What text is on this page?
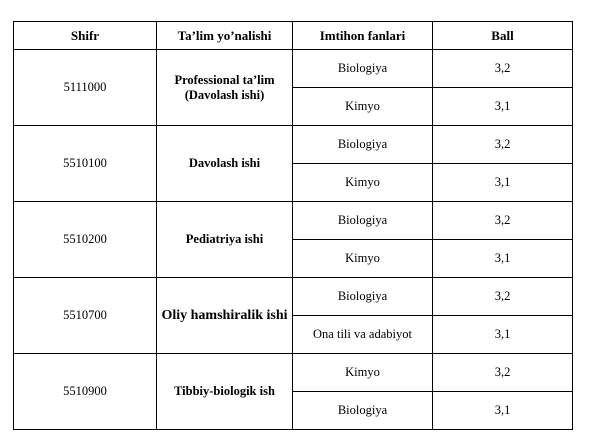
Shifr	Ta’lim yo’nalishi	Imtihon fanlari	Ball
5111000	Professional ta’lim (Davolash ishi)	Biologiya	3,2
		Kimyo	3,1
5510100	Davolash ishi	Biologiya	3,2
		Kimyo	3,1
5510200	Pediatriya ishi	Biologiya	3,2
		Kimyo	3,1
5510700	Oliy hamshiralik ishi	Biologiya	3,2
		Ona tili va adabiyot	3,1
5510900	Tibbiy-biologik ish	Kimyo	3,2
		Biologiya	3,1
